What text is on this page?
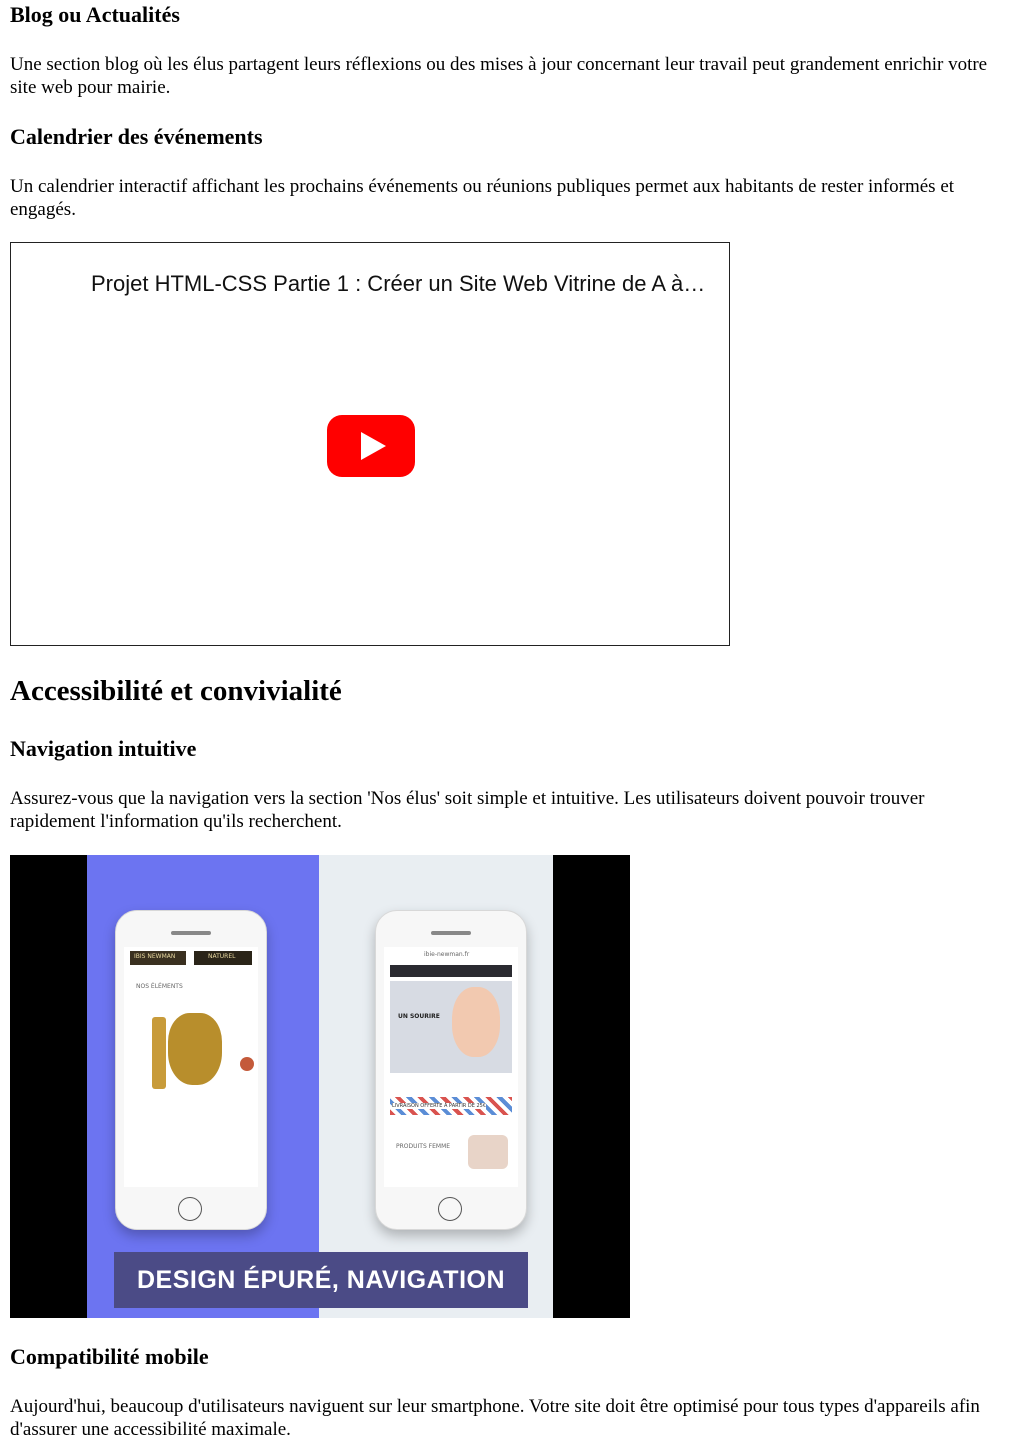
Blog ou Actualités

Une section blog où les élus partagent leurs réflexions ou des mises à jour concernant leur travail peut grandement enrichir votre site web pour mairie.

Calendrier des événements

Un calendrier interactif affichant les prochains événements ou réunions publiques permet aux habitants de rester informés et engagés.

Projet HTML-CSS Partie 1 : Créer un Site Web Vitrine de A à…
Accessibilité et convivialité
Navigation intuitive

Assurez-vous que la navigation vers la section 'Nos élus' soit simple et intuitive. Les utilisateurs doivent pouvoir trouver rapidement l'information qu'ils recherchent.

IBIS NEWMAN	NATUREL
NOS ÉLÉMENTS
ibie-newman.fr
UN SOURIRE
LIVRAISON OFFERTE À PARTIR DE 25€
PRODUITS FEMME
DESIGN ÉPURÉ, NAVIGATION
Compatibilité mobile

Aujourd'hui, beaucoup d'utilisateurs naviguent sur leur smartphone. Votre site doit être optimisé pour tous types d'appareils afin d'assurer une accessibilité maximale.
